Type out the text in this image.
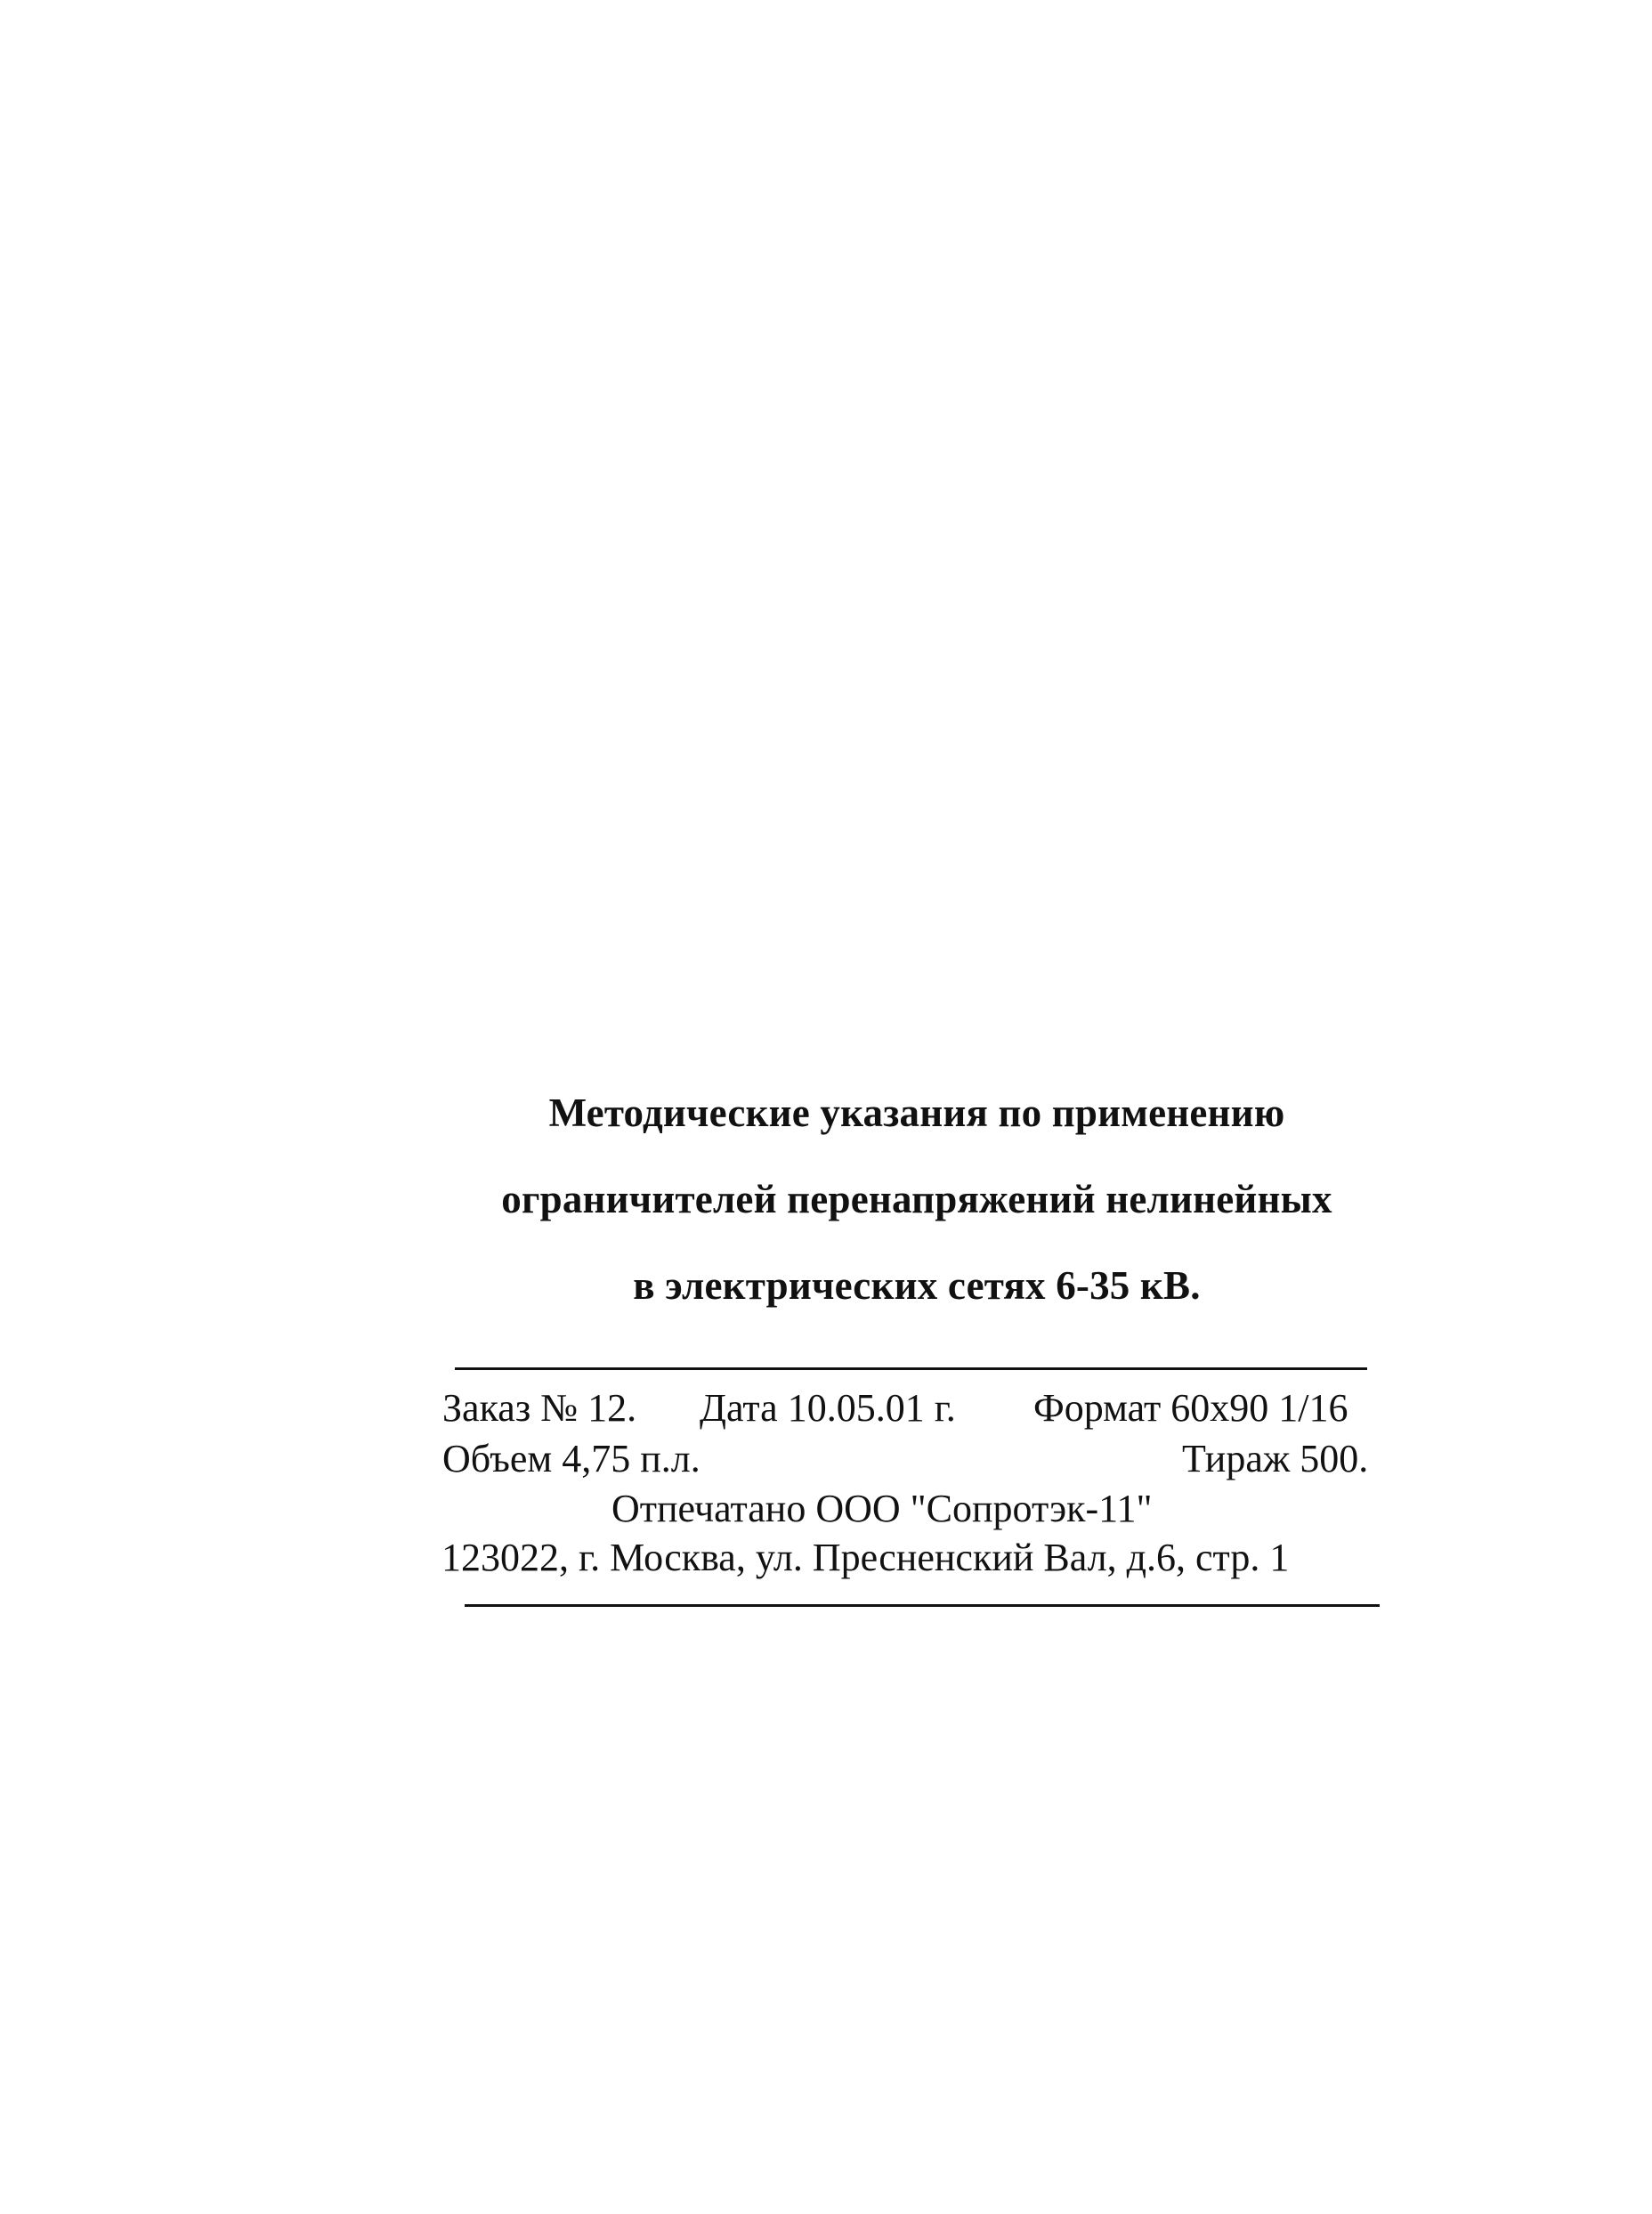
Методические указания по применению
ограничителей перенапряжений нелинейных
в электрических сетях 6-35 кВ.
Заказ № 12. Дата 10.05.01 г. Формат 60х90 1/16
Объем 4,75 п.л.	Тираж 500.
Отпечатано ООО "Сопротэк-11"
123022, г. Москва, ул. Пресненский Вал, д.6, стр. 1
